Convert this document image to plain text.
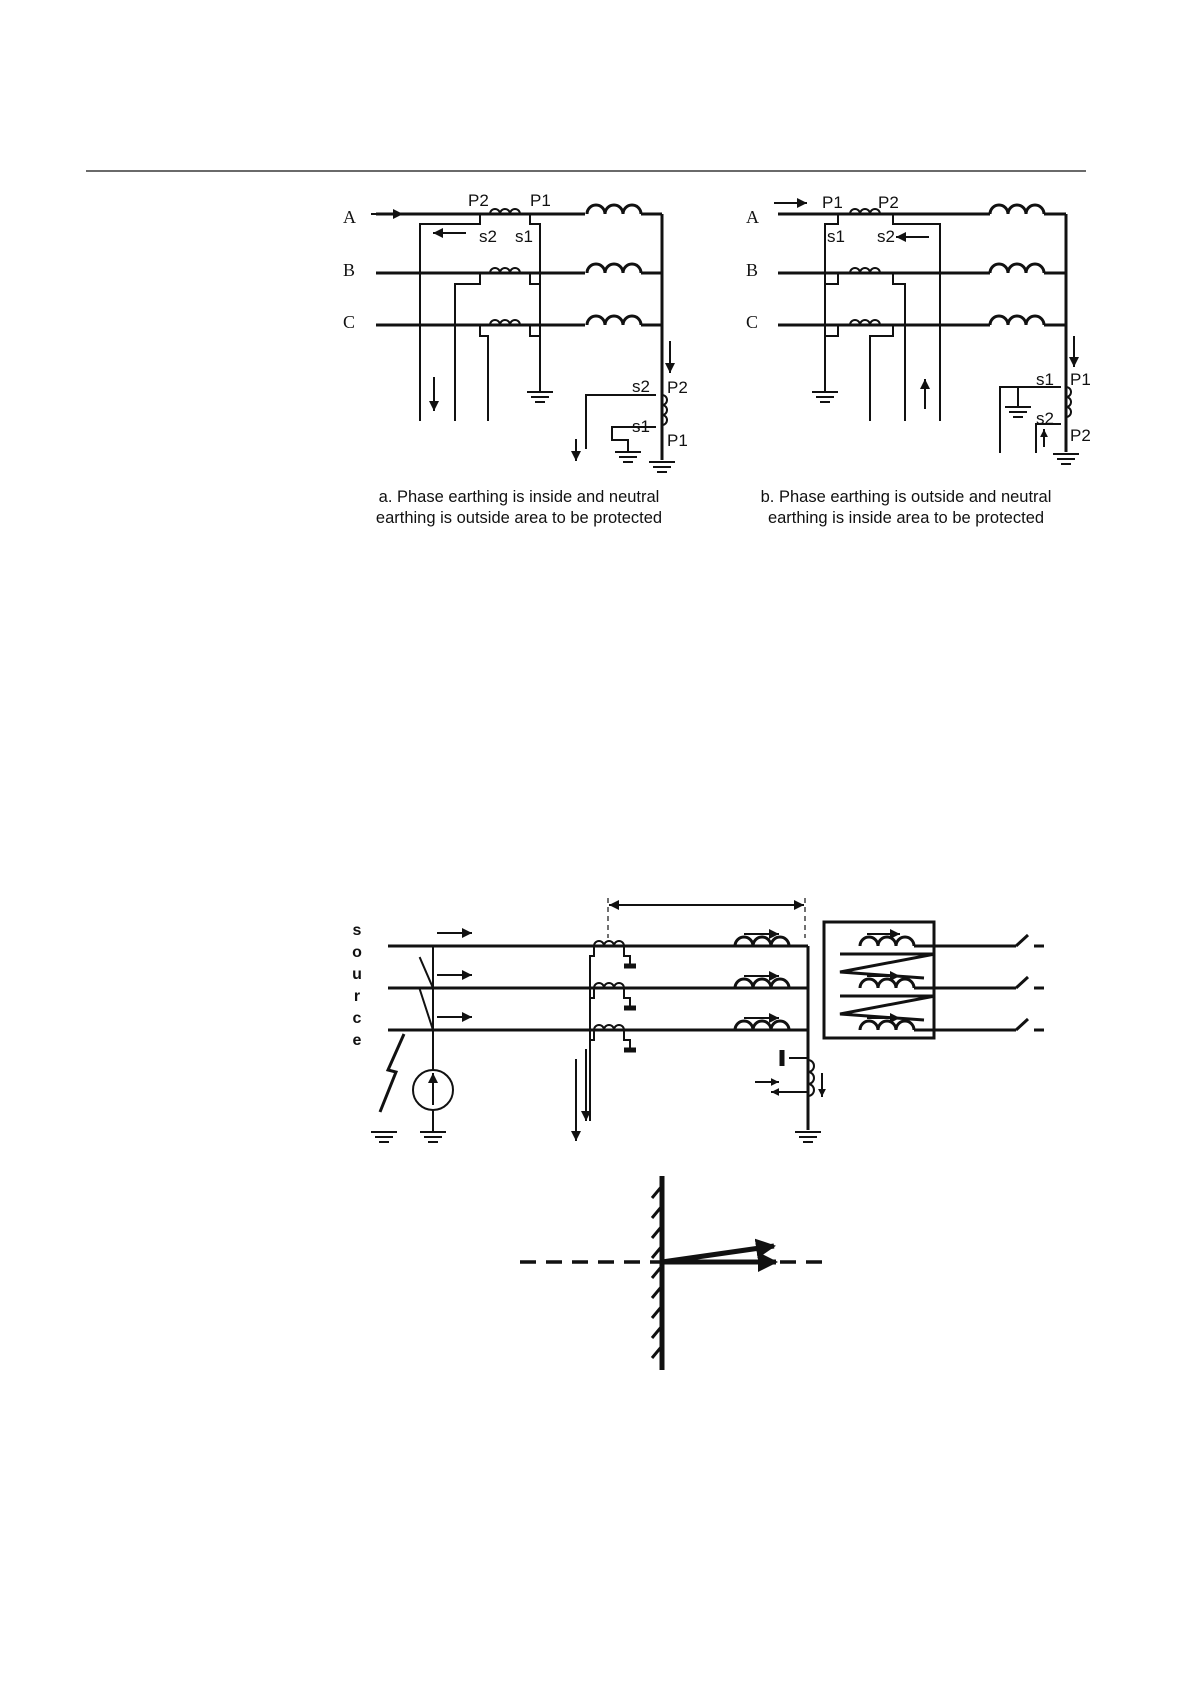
A
B
C
P2 P1
s2 s1
s2 P2
s1
P1
a. Phase earthing is inside and neutral
earthing is outside area to be protected
A
B
C
P1 P2
s1 s2
s1 P1
s2
P2
b. Phase earthing is outside and neutral
earthing is inside area to be protected
s
o
u
r
c
e
